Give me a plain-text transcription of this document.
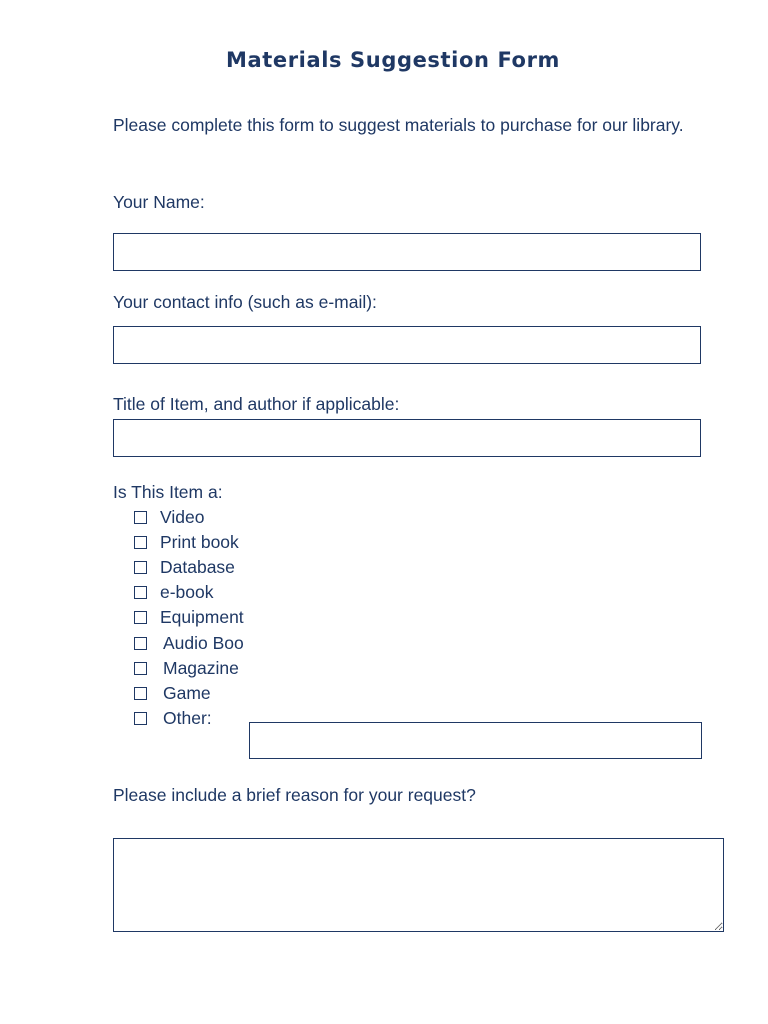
Materials Suggestion Form
Please complete this form to suggest materials to purchase for our library.
Your Name:
Your contact info (such as e-mail):
Title of Item, and author if applicable:
Is This Item a:
Video
Print book
Database
e-book
Equipment
Audio Boo
Magazine
Game
Other:
Please include a brief reason for your request?
